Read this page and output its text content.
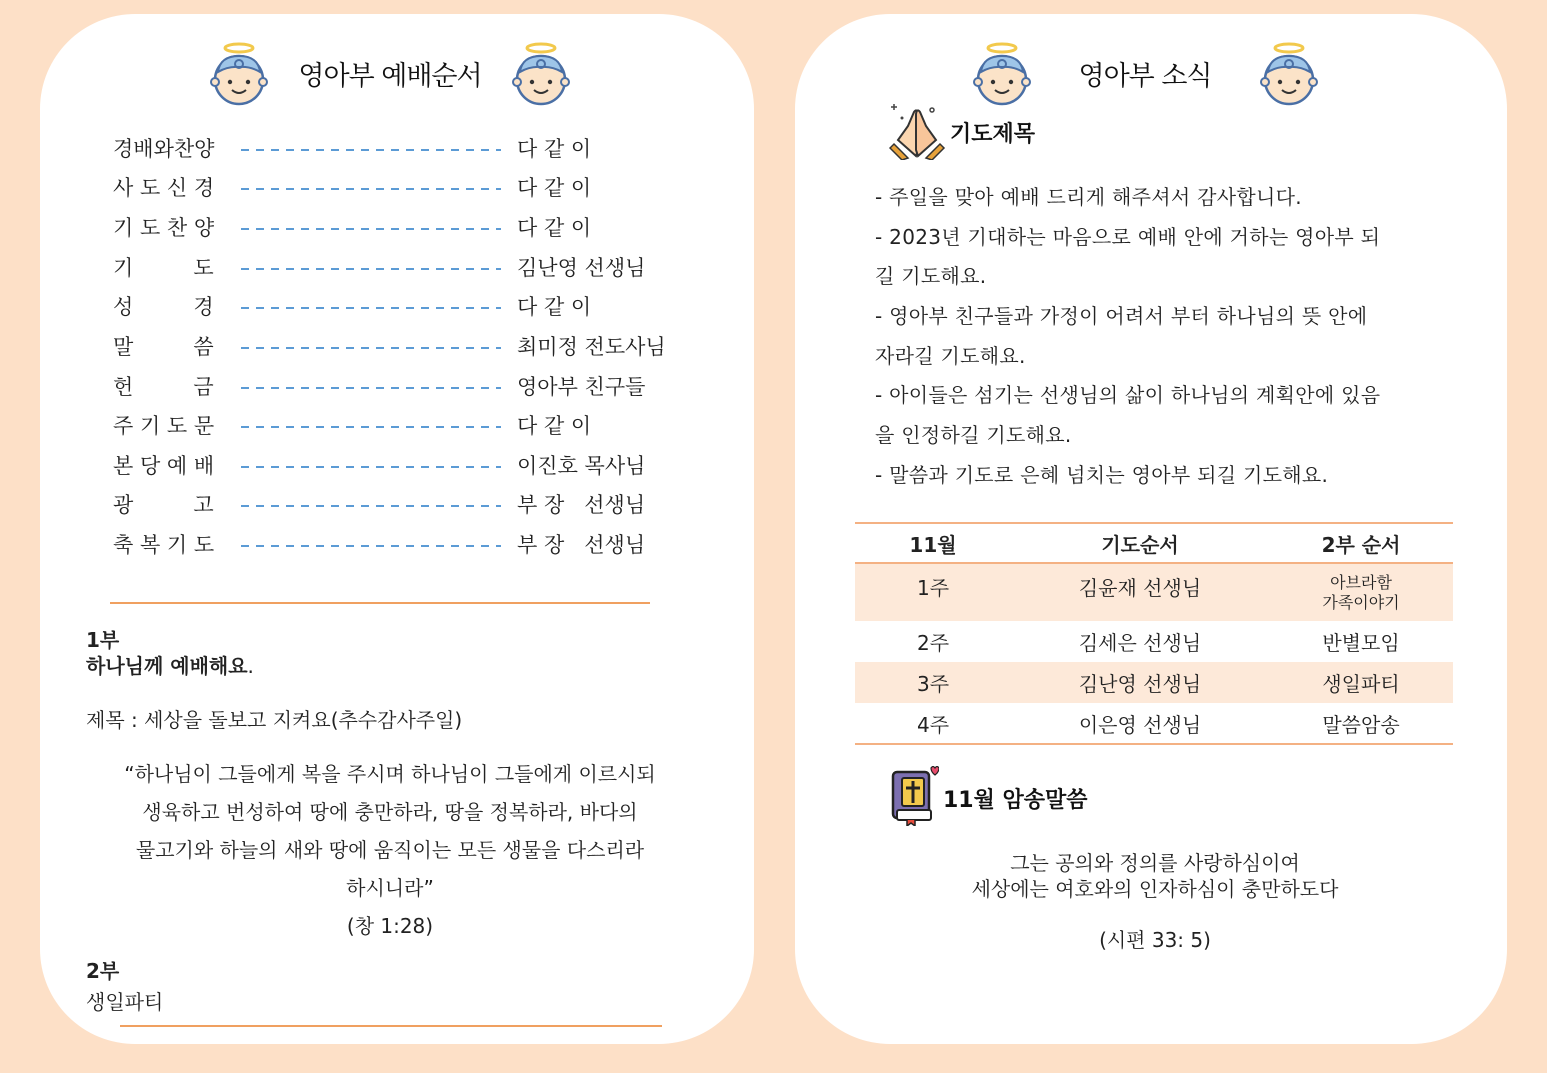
영아부 예배순서
경배와찬양	다 같 이
사 도 신 경	다 같 이
기 도 찬 양	다 같 이
기         도	김난영 선생님
성         경	다 같 이
말         씀	최미정 전도사님
헌         금	영아부 친구들
주 기 도 문	다 같 이
본 당 예 배	이진호 목사님
광         고	부 장   선생님
축 복 기 도	부 장   선생님
1부
하나님께 예배해요.
제목 : 세상을 돌보고 지켜요(추수감사주일)
“하나님이 그들에게 복을 주시며 하나님이 그들에게 이르시되
생육하고 번성하여 땅에 충만하라, 땅을 정복하라, 바다의
물고기와 하늘의 새와 땅에 움직이는 모든 생물을 다스리라
하시니라”
(창 1:28)
2부
생일파티
영아부 소식
기도제목
- 주일을 맞아 예배 드리게 해주셔서 감사합니다.
- 2023년 기대하는 마음으로 예배 안에 거하는 영아부 되
길 기도해요.
- 영아부 친구들과 가정이 어려서 부터 하나님의 뜻 안에
자라길 기도해요.
- 아이들은 섬기는 선생님의 삶이 하나님의 계획안에 있음
을 인정하길 기도해요.
- 말씀과 기도로 은혜 넘치는 영아부 되길 기도해요.
11월	기도순서	2부 순서
1주	김윤재 선생님	아브라함
가족이야기

2주	김세은 선생님	반별모임
3주	김난영 선생님	생일파티
4주	이은영 선생님	말씀암송
11월 암송말씀
그는 공의와 정의를 사랑하심이여
세상에는 여호와의 인자하심이 충만하도다
(시편 33: 5)
